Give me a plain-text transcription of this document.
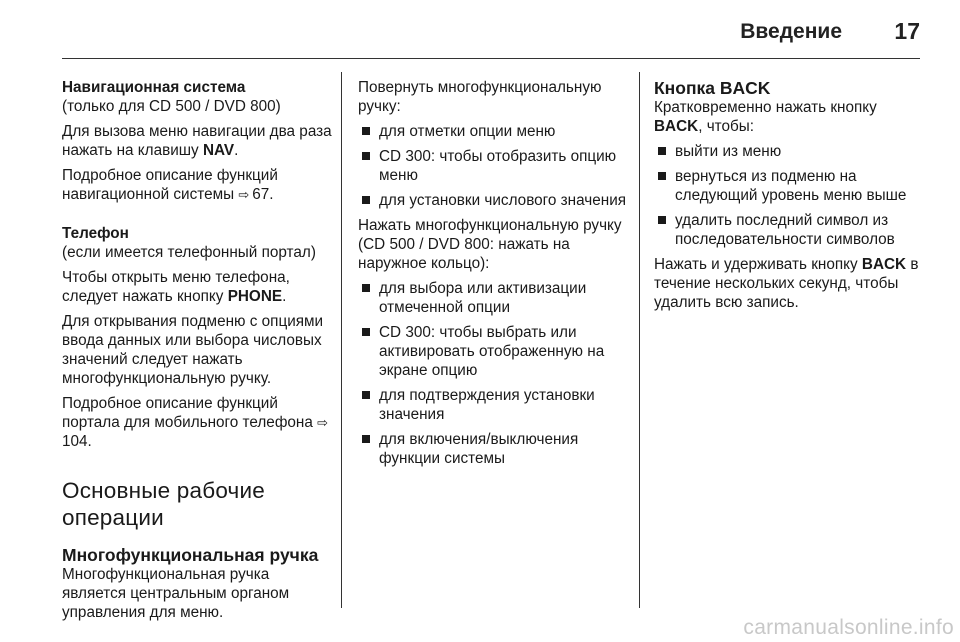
Введение 17

Навигационная система

(только для CD 500 / DVD 800)

Для вызова меню навигации два раза нажать на клавишу NAV.

Подробное описание функций навигационной системы ⇨ 67.

Телефон

(если имеется телефонный портал)

Чтобы открыть меню телефона, следует нажать кнопку PHONE.

Для открывания подменю с опциями ввода данных или выбора числовых значений следует нажать многофункциональную ручку.

Подробное описание функций портала для мобильного телефона ⇨104.

Основные рабочие операции

Многофункциональная ручка

Многофункциональная ручка является центральным органом управления для меню.

Повернуть многофункциональную ручку:

для отметки опции меню
CD 300: чтобы отобразить опцию меню
для установки числового значения

Нажать многофункциональную ручку (CD 500 / DVD 800: нажать на наружное кольцо):

для выбора или активизации отмеченной опции
CD 300: чтобы выбрать или активировать отображенную на экране опцию
для подтверждения установки значения
для включения/выключения функции системы

Кнопка BACK

Кратковременно нажать кнопку BACK, чтобы:

выйти из меню
вернуться из подменю на следующий уровень меню выше
удалить последний символ из последовательности символов

Нажать и удерживать кнопку BACK в течение нескольких секунд, чтобы удалить всю запись.

carmanualsonline.info
